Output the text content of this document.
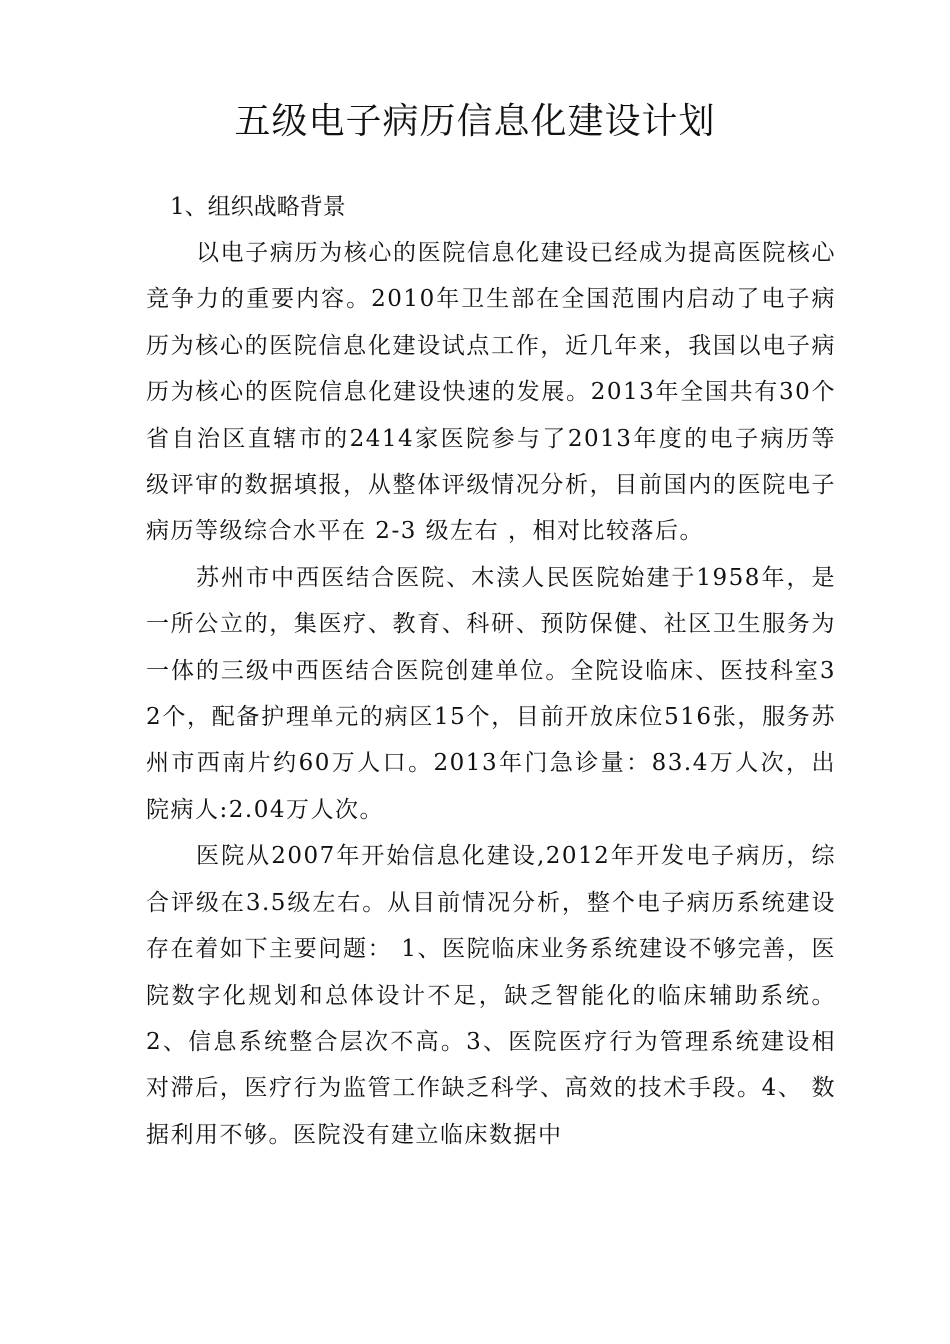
五级电子病历信息化建设计划

1、组织战略背景

以电子病历为核心的医院信息化建设已经成为提高医院核心竞争力的重要内容。2010年卫生部在全国范围内启动了电子病历为核心的医院信息化建设试点工作，近几年来，我国以电子病历为核心的医院信息化建设快速的发展。2013年全国共有30个省自治区直辖市的2414家医院参与了2013年度的电子病历等级评审的数据填报，从整体评级情况分析，目前国内的医院电子病历等级综合水平在 2-3 级左右 ，相对比较落后。

苏州市中西医结合医院、木渎人民医院始建于1958年，是一所公立的，集医疗、教育、科研、预防保健、社区卫生服务为一体的三级中西医结合医院创建单位。全院设临床、医技科室32个，配备护理单元的病区15个，目前开放床位516张，服务苏州市西南片约60万人口。2013年门急诊量：83.4万人次，出院病人:2.04万人次。

医院从2007年开始信息化建设,2012年开发电子病历，综合评级在3.5级左右。从目前情况分析，整个电子病历系统建设存在着如下主要问题： 1、医院临床业务系统建设不够完善，医院数字化规划和总体设计不足，缺乏智能化的临床辅助系统。2、信息系统整合层次不高。3、医院医疗行为管理系统建设相对滞后，医疗行为监管工作缺乏科学、高效的技术手段。4、 数据利用不够。医院没有建立临床数据中
